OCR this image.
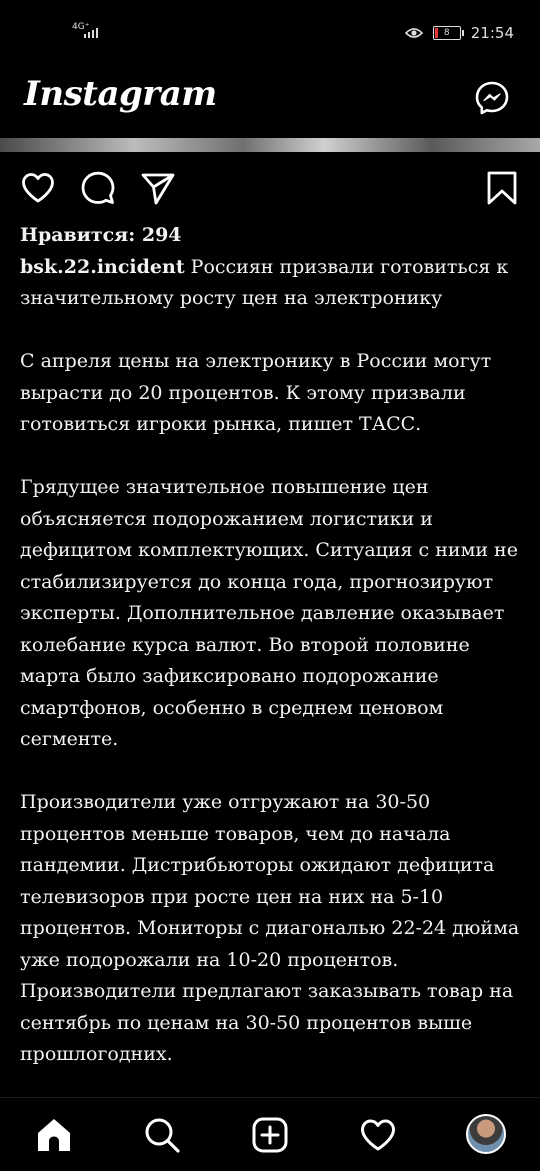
4G⁺
8	21:54
Instagram
Нравится: 294
bsk.22.incident Россиян призвали готовиться к значительному росту цен на электронику
С апреля цены на электронику в России могут вырасти до 20 процентов. К этому призвали готовиться игроки рынка, пишет ТАСС.
Грядущее значительное повышение цен объясняется подорожанием логистики и дефицитом комплектующих. Ситуация с ними не стабилизируется до конца года, прогнозируют эксперты. Дополнительное давление оказывает колебание курса валют. Во второй половине марта было зафиксировано подорожание смартфонов, особенно в среднем ценовом сегменте.
Производители уже отгружают на 30-50 процентов меньше товаров, чем до начала пандемии. Дистрибьюторы ожидают дефицита телевизоров при росте цен на них на 5-10 процентов. Мониторы с диагональю 22-24 дюйма уже подорожали на 10-20 процентов. Производители предлагают заказывать товар на сентябрь по ценам на 30-50 процентов выше прошлогодних.
